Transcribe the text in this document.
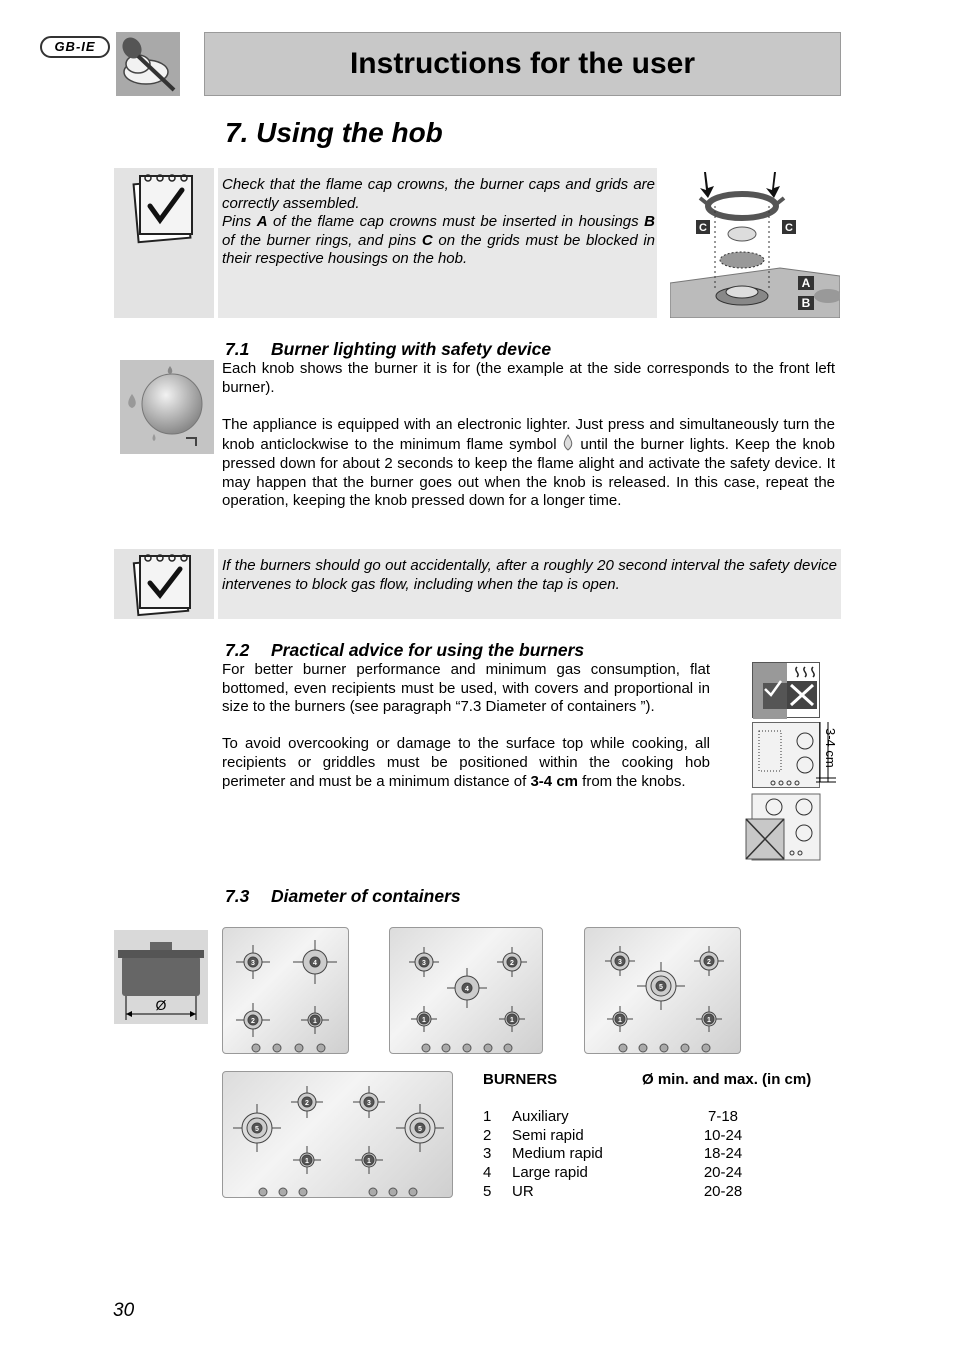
GB-IE
Instructions for the user
7. Using the hob
Check that the flame cap crowns, the burner caps and grids are correctly assembled.
Pins A of the flame cap crowns must be inserted in housings B of the burner rings, and pins C on the grids must be blocked in their respective housings on the hob.
C	C
A
B
7.1 Burner lighting with safety device

Each knob shows the burner it is for (the example at the side corresponds to the front left burner).

The appliance is equipped with an electronic lighter. Just press and simultaneously turn the knob anticlockwise to the minimum flame symbol  until the burner lights. Keep the knob pressed down for about 2 seconds to keep the flame alight and activate the safety device. It may happen that the burner goes out when the knob is released. In this case, repeat the operation, keeping the knob pressed down for a longer time.

If the burners should go out accidentally, after a roughly 20 second interval the safety device intervenes to block gas flow, including when the tap is open.
7.2 Practical advice for using the burners

For better burner performance and minimum gas consumption, flat bottomed, even recipients must be used, with covers and proportional in size to the burners (see paragraph “7.3 Diameter of containers ”).

To avoid overcooking or damage to the surface top while cooking, all recipients or griddles must be positioned within the cooking hob perimeter and must be a minimum distance of 3-4 cm from the knobs.

3-4 cm
7.3 Diameter of containers
Ø
3	4
2	1
3	2
4
1	1
3	2
5
1	1
2	3
5	5
1	1
BURNERS	Ø min. and max. (in cm)
1 Auxiliary	7-18
2 Semi rapid	10-24
3 Medium rapid	18-24
4 Large rapid	20-24
5 UR	20-28
30
